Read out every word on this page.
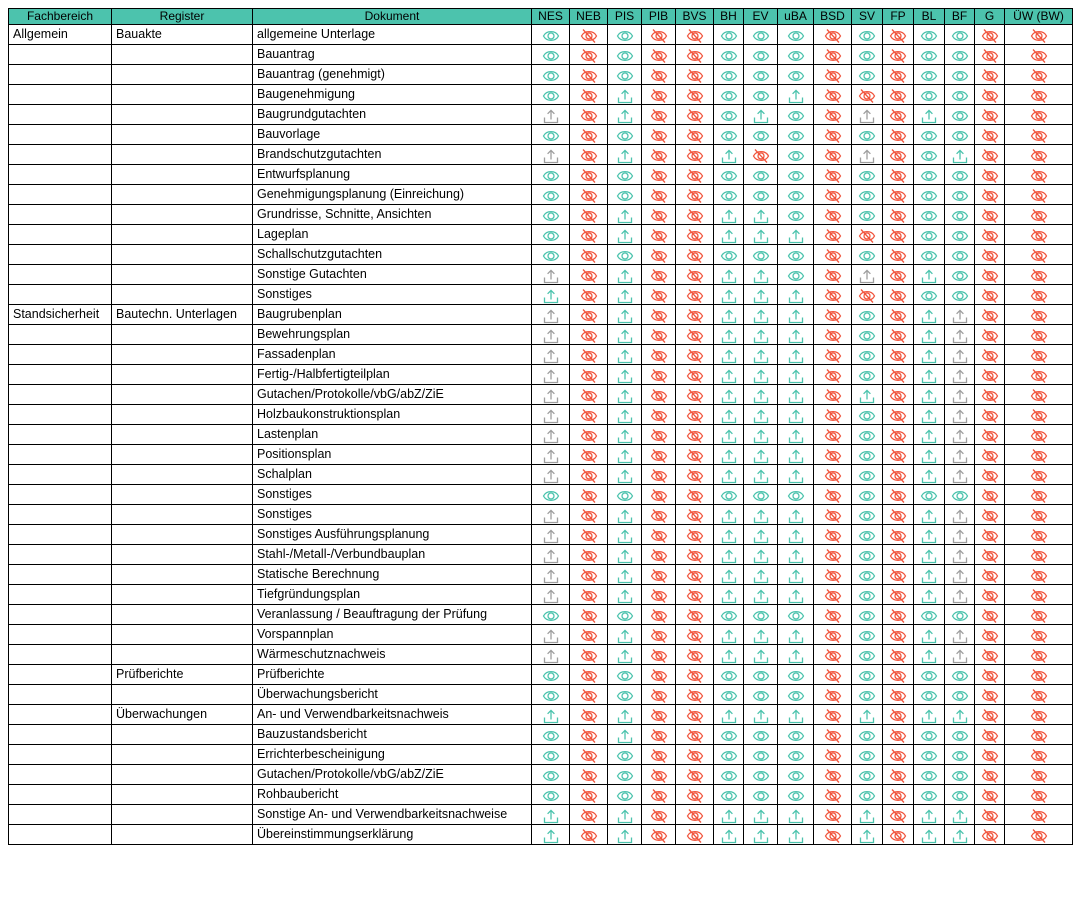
Fachbereich	Register	Dokument	NES	NEB	PIS	PIB	BVS	BH	EV	uBA	BSD	SV	FP	BL	BF	G	ÜW (BW)
Allgemein	Bauakte	allgemeine Unterlage	

		Bauantrag	

		Bauantrag (genehmigt)	

		Baugenehmigung	

		Baugrundgutachten	

		Bauvorlage	

		Brandschutzgutachten	

		Entwurfsplanung	

		Genehmigungsplanung (Einreichung)	

		Grundrisse, Schnitte, Ansichten	

		Lageplan	

		Schallschutzgutachten	

		Sonstige Gutachten	

		Sonstiges	

Standsicherheit	Bautechn. Unterlagen	Baugrubenplan	

		Bewehrungsplan	

		Fassadenplan	

		Fertig-/Halbfertigteilplan	

		Gutachen/Protokolle/vbG/abZ/ZiE	

		Holzbaukonstruktionsplan	

		Lastenplan	

		Positionsplan	

		Schalplan	

		Sonstiges	

		Sonstiges	

		Sonstiges Ausführungsplanung	

		Stahl-/Metall-/Verbundbauplan	

		Statische Berechnung	

		Tiefgründungsplan	

		Veranlassung / Beauftragung der Prüfung	

		Vorspannplan	

		Wärmeschutznachweis	

	Prüfberichte	Prüfberichte	

		Überwachungsbericht	

	Überwachungen	An- und Verwendbarkeitsnachweis	

		Bauzustandsbericht	

		Errichterbescheinigung	

		Gutachen/Protokolle/vbG/abZ/ZiE	

		Rohbaubericht	

		Sonstige An- und Verwendbarkeitsnachweise	

		Übereinstimmungserklärung	
